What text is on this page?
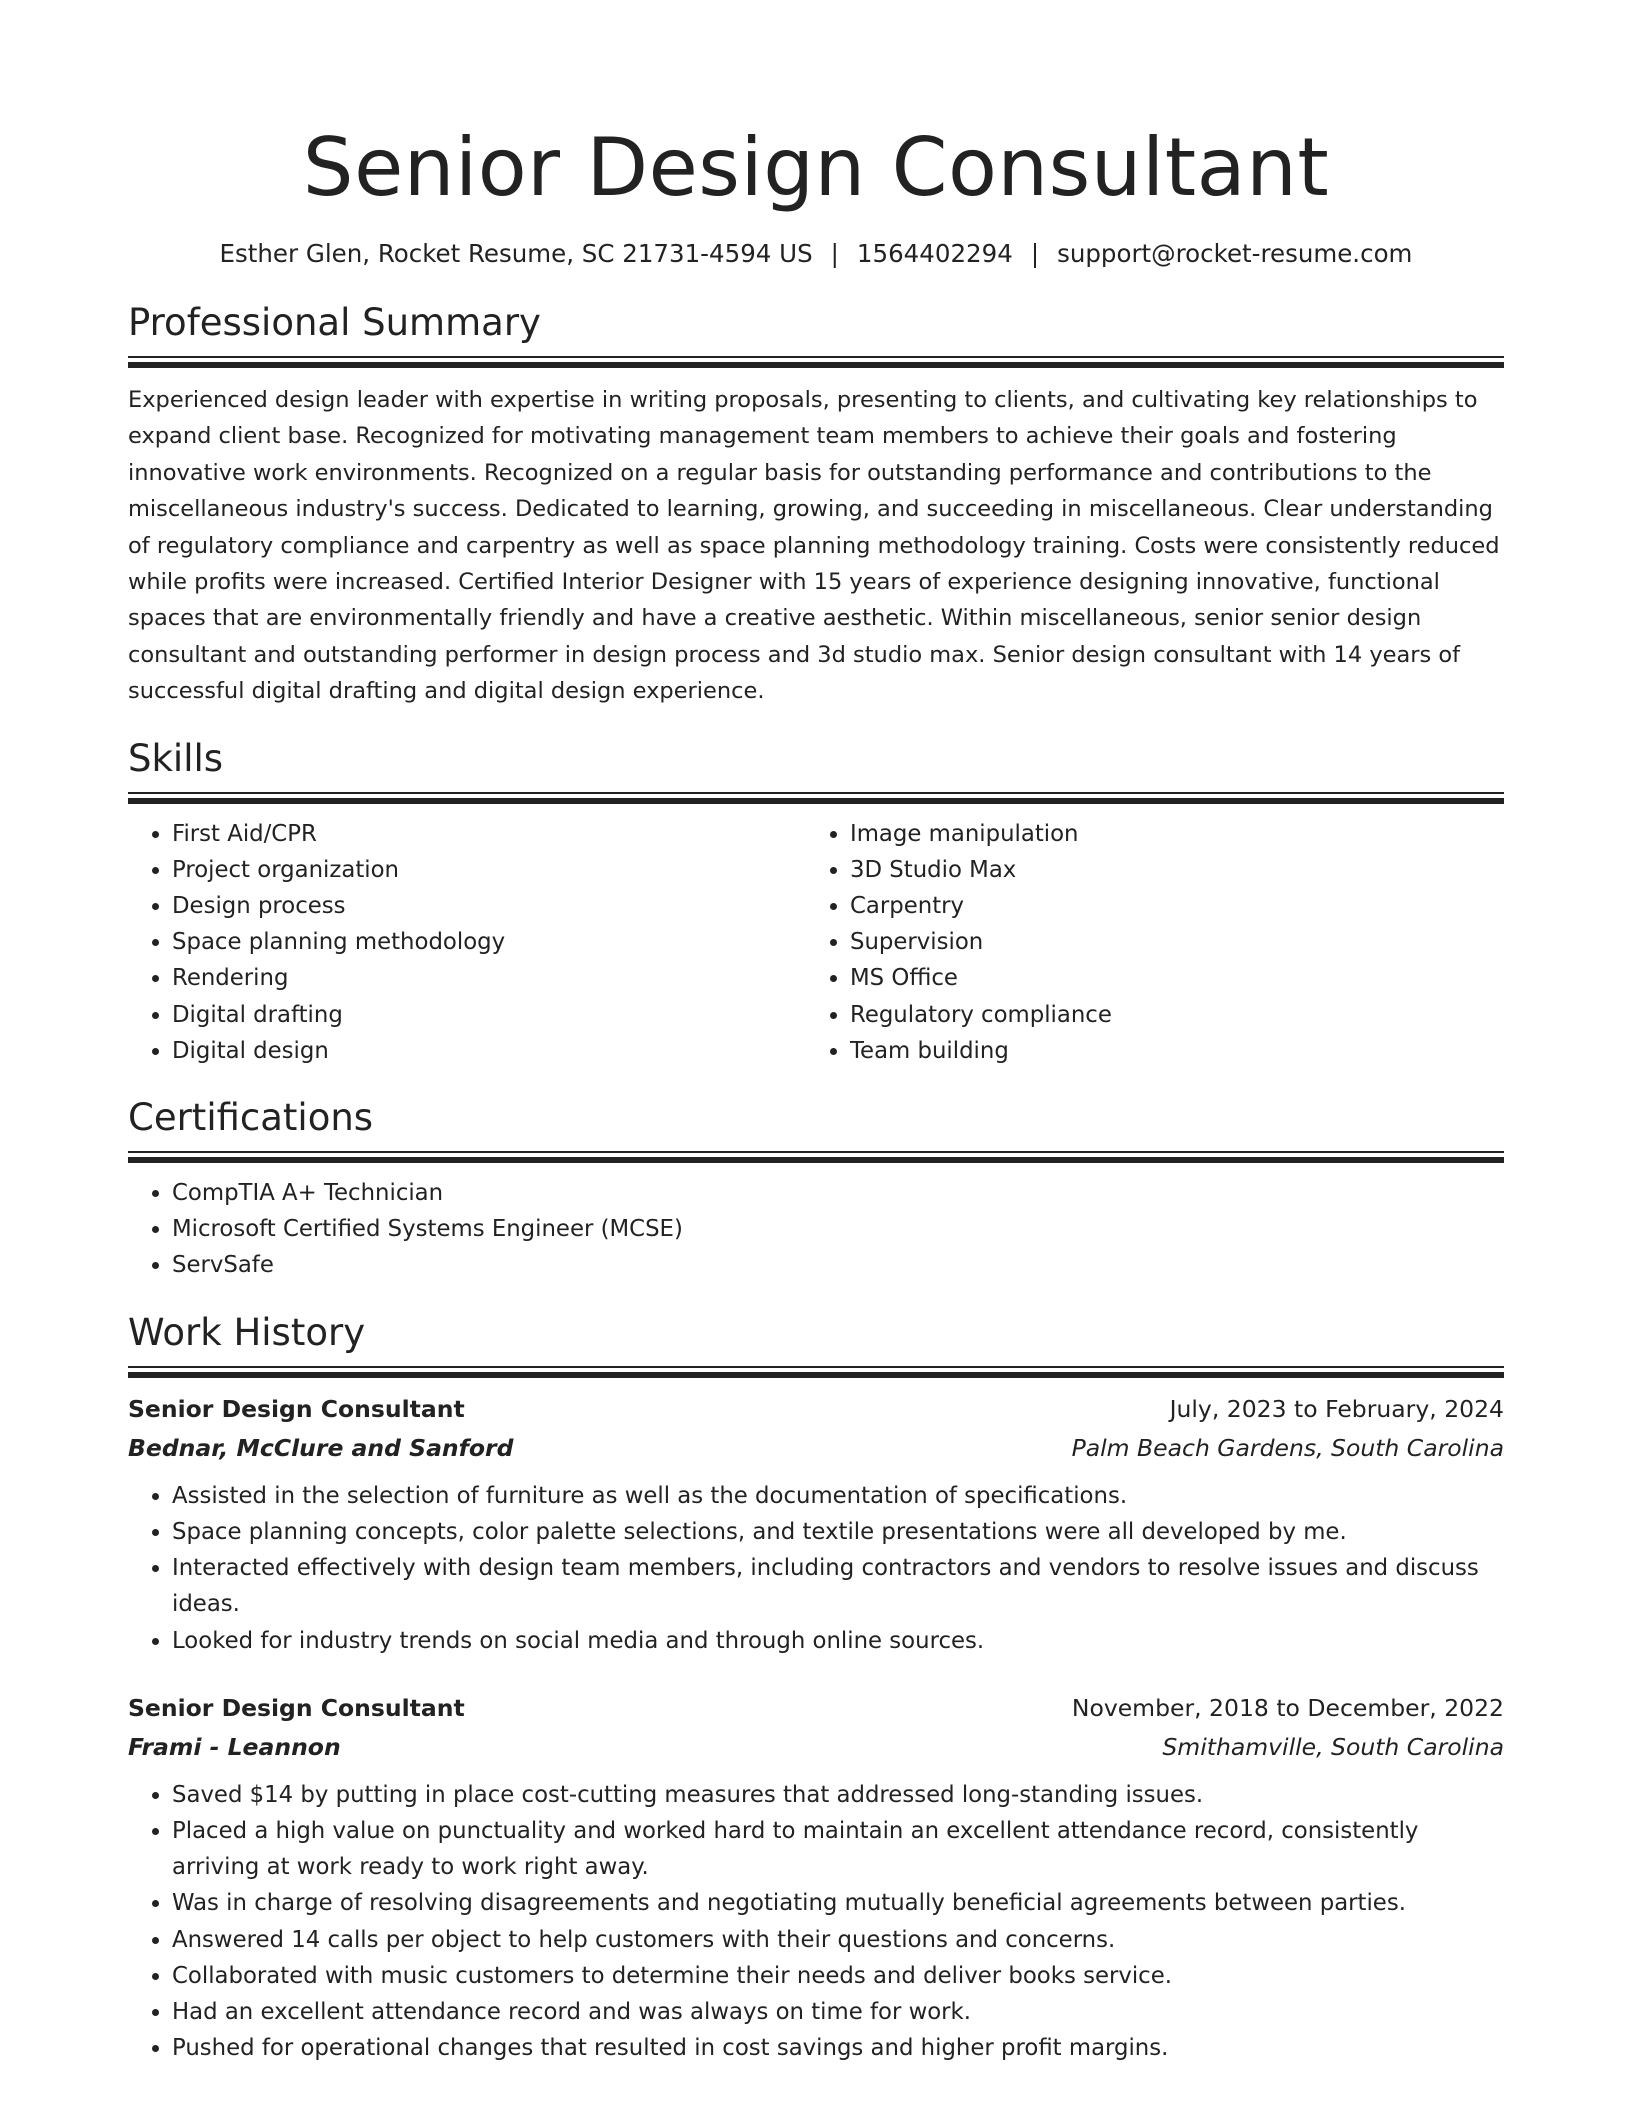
Senior Design Consultant
Esther Glen, Rocket Resume, SC 21731-4594 US | 1564402294 | support@rocket-resume.com
Professional Summary
Experienced design leader with expertise in writing proposals, presenting to clients, and cultivating key relationships to expand client base. Recognized for motivating management team members to achieve their goals and fostering innovative work environments. Recognized on a regular basis for outstanding performance and contributions to the miscellaneous industry's success. Dedicated to learning, growing, and succeeding in miscellaneous. Clear understanding of regulatory compliance and carpentry as well as space planning methodology training. Costs were consistently reduced while profits were increased. Certified Interior Designer with 15 years of experience designing innovative, functional spaces that are environmentally friendly and have a creative aesthetic. Within miscellaneous, senior senior design consultant and outstanding performer in design process and 3d studio max. Senior design consultant with 14 years of successful digital drafting and digital design experience.
Skills
• First Aid/CPR
• Project organization
• Design process
• Space planning methodology
• Rendering
• Digital drafting
• Digital design
• Image manipulation
• 3D Studio Max
• Carpentry
• Supervision
• MS Office
• Regulatory compliance
• Team building
Certifications
• CompTIA A+ Technician
• Microsoft Certified Systems Engineer (MCSE)
• ServSafe
Work History
Senior Design Consultant	July, 2023 to February, 2024
Bednar, McClure and Sanford	Palm Beach Gardens, South Carolina
• Assisted in the selection of furniture as well as the documentation of specifications.
• Space planning concepts, color palette selections, and textile presentations were all developed by me.
• Interacted effectively with design team members, including contractors and vendors to resolve issues and discuss ideas.
• Looked for industry trends on social media and through online sources.
Senior Design Consultant	November, 2018 to December, 2022
Frami - Leannon	Smithamville, South Carolina
• Saved $14 by putting in place cost-cutting measures that addressed long-standing issues.
• Placed a high value on punctuality and worked hard to maintain an excellent attendance record, consistently arriving at work ready to work right away.
• Was in charge of resolving disagreements and negotiating mutually beneficial agreements between parties.
• Answered 14 calls per object to help customers with their questions and concerns.
• Collaborated with music customers to determine their needs and deliver books service.
• Had an excellent attendance record and was always on time for work.
• Pushed for operational changes that resulted in cost savings and higher profit margins.
